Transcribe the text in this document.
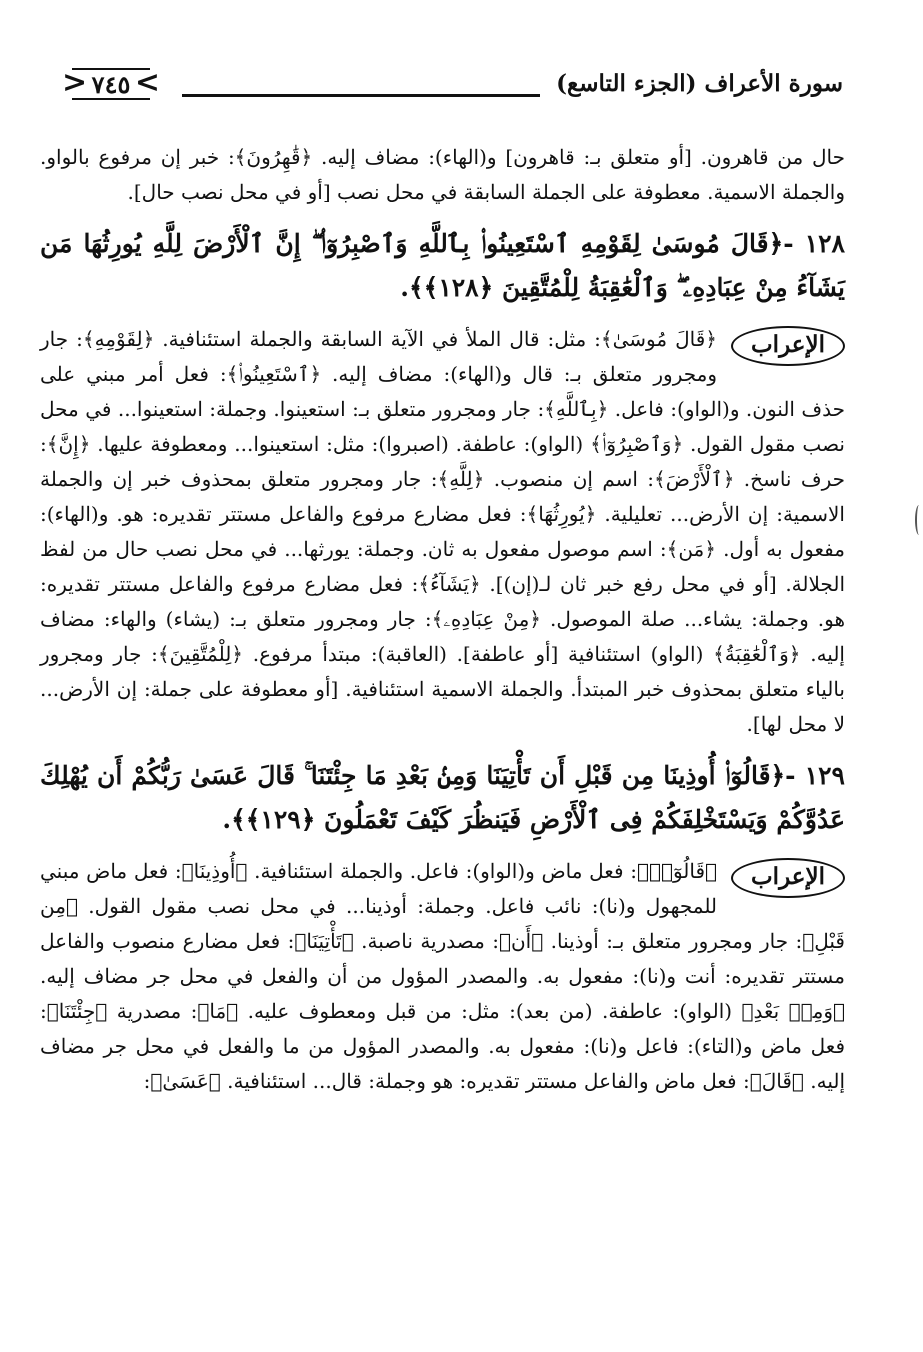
سورة الأعراف (الجزء التاسع)
< >
٧٤٥

حال من قاهرون. [أو متعلق بـ: قاهرون] و(الهاء): مضاف إليه. ﴿قَٰهِرُونَ﴾: خبر إن مرفوع بالواو. والجملة الاسمية. معطوفة على الجملة السابقة في محل نصب [أو في محل نصب حال].

١٢٨ -﴿قَالَ مُوسَىٰ لِقَوْمِهِ ٱسْتَعِينُوا۟ بِٱللَّهِ وَٱصْبِرُوٓا۟ ۖ إِنَّ ٱلْأَرْضَ لِلَّهِ يُورِثُهَا مَن يَشَآءُ مِنْ عِبَادِهِۦ ۖ وَٱلْعَٰقِبَةُ لِلْمُتَّقِينَ ﴿١٢٨﴾﴾.

الإعراب

﴿قَالَ مُوسَىٰ﴾: مثل: قال الملأ في الآية السابقة والجملة استئنافية. ﴿لِقَوْمِهِ﴾: جار ومجرور متعلق بـ: قال و(الهاء): مضاف إليه. ﴿ٱسْتَعِينُوا۟﴾: فعل أمر مبني على حذف النون. و(الواو): فاعل. ﴿بِٱللَّهِ﴾: جار ومجرور متعلق بـ: استعينوا. وجملة: استعينوا... في محل نصب مقول القول. ﴿وَٱصْبِرُوٓا۟﴾ (الواو): عاطفة. (اصبروا): مثل: استعينوا... ومعطوفة عليها. ﴿إِنَّ﴾: حرف ناسخ. ﴿ٱلْأَرْضَ﴾: اسم إن منصوب. ﴿لِلَّهِ﴾: جار ومجرور متعلق بمحذوف خبر إن والجملة الاسمية: إن الأرض... تعليلية. ﴿يُورِثُهَا﴾: فعل مضارع مرفوع والفاعل مستتر تقديره: هو. و(الهاء): مفعول به أول. ﴿مَن﴾: اسم موصول مفعول به ثان. وجملة: يورثها... في محل نصب حال من لفظ الجلالة. [أو في محل رفع خبر ثان لـ(إن)]. ﴿يَشَآءُ﴾: فعل مضارع مرفوع والفاعل مستتر تقديره: هو. وجملة: يشاء... صلة الموصول. ﴿مِنْ عِبَادِهِۦ﴾: جار ومجرور متعلق بـ: (يشاء) والهاء: مضاف إليه. ﴿وَٱلْعَٰقِبَةُ﴾ (الواو) استئنافية [أو عاطفة]. (العاقبة): مبتدأ مرفوع. ﴿لِلْمُتَّقِينَ﴾: جار ومجرور بالياء متعلق بمحذوف خبر المبتدأ. والجملة الاسمية استئنافية. [أو معطوفة على جملة: إن الأرض... لا محل لها].

١٢٩ -﴿قَالُوٓا۟ أُوذِينَا مِن قَبْلِ أَن تَأْتِيَنَا وَمِنۢ بَعْدِ مَا جِئْتَنَا ۚ قَالَ عَسَىٰ رَبُّكُمْ أَن يُهْلِكَ عَدُوَّكُمْ وَيَسْتَخْلِفَكُمْ فِى ٱلْأَرْضِ فَيَنظُرَ كَيْفَ تَعْمَلُونَ ﴿١٢٩﴾﴾.

الإعراب

﴿قَالُوٓا۟﴾: فعل ماض و(الواو): فاعل. والجملة استئنافية. ﴿أُوذِينَا﴾: فعل ماض مبني للمجهول و(نا): نائب فاعل. وجملة: أوذينا... في محل نصب مقول القول. ﴿مِن قَبْلِ﴾: جار ومجرور متعلق بـ: أوذينا. ﴿أَن﴾: مصدرية ناصبة. ﴿تَأْتِيَنَا﴾: فعل مضارع منصوب والفاعل مستتر تقديره: أنت و(نا): مفعول به. والمصدر المؤول من أن والفعل في محل جر مضاف إليه. ﴿وَمِنۢ بَعْدِ﴾ (الواو): عاطفة. (من بعد): مثل: من قبل ومعطوف عليه. ﴿مَا﴾: مصدرية ﴿جِئْتَنَا﴾: فعل ماض و(التاء): فاعل و(نا): مفعول به. والمصدر المؤول من ما والفعل في محل جر مضاف إليه. ﴿قَالَ﴾: فعل ماض والفاعل مستتر تقديره: هو وجملة: قال... استئنافية. ﴿عَسَىٰ﴾:
